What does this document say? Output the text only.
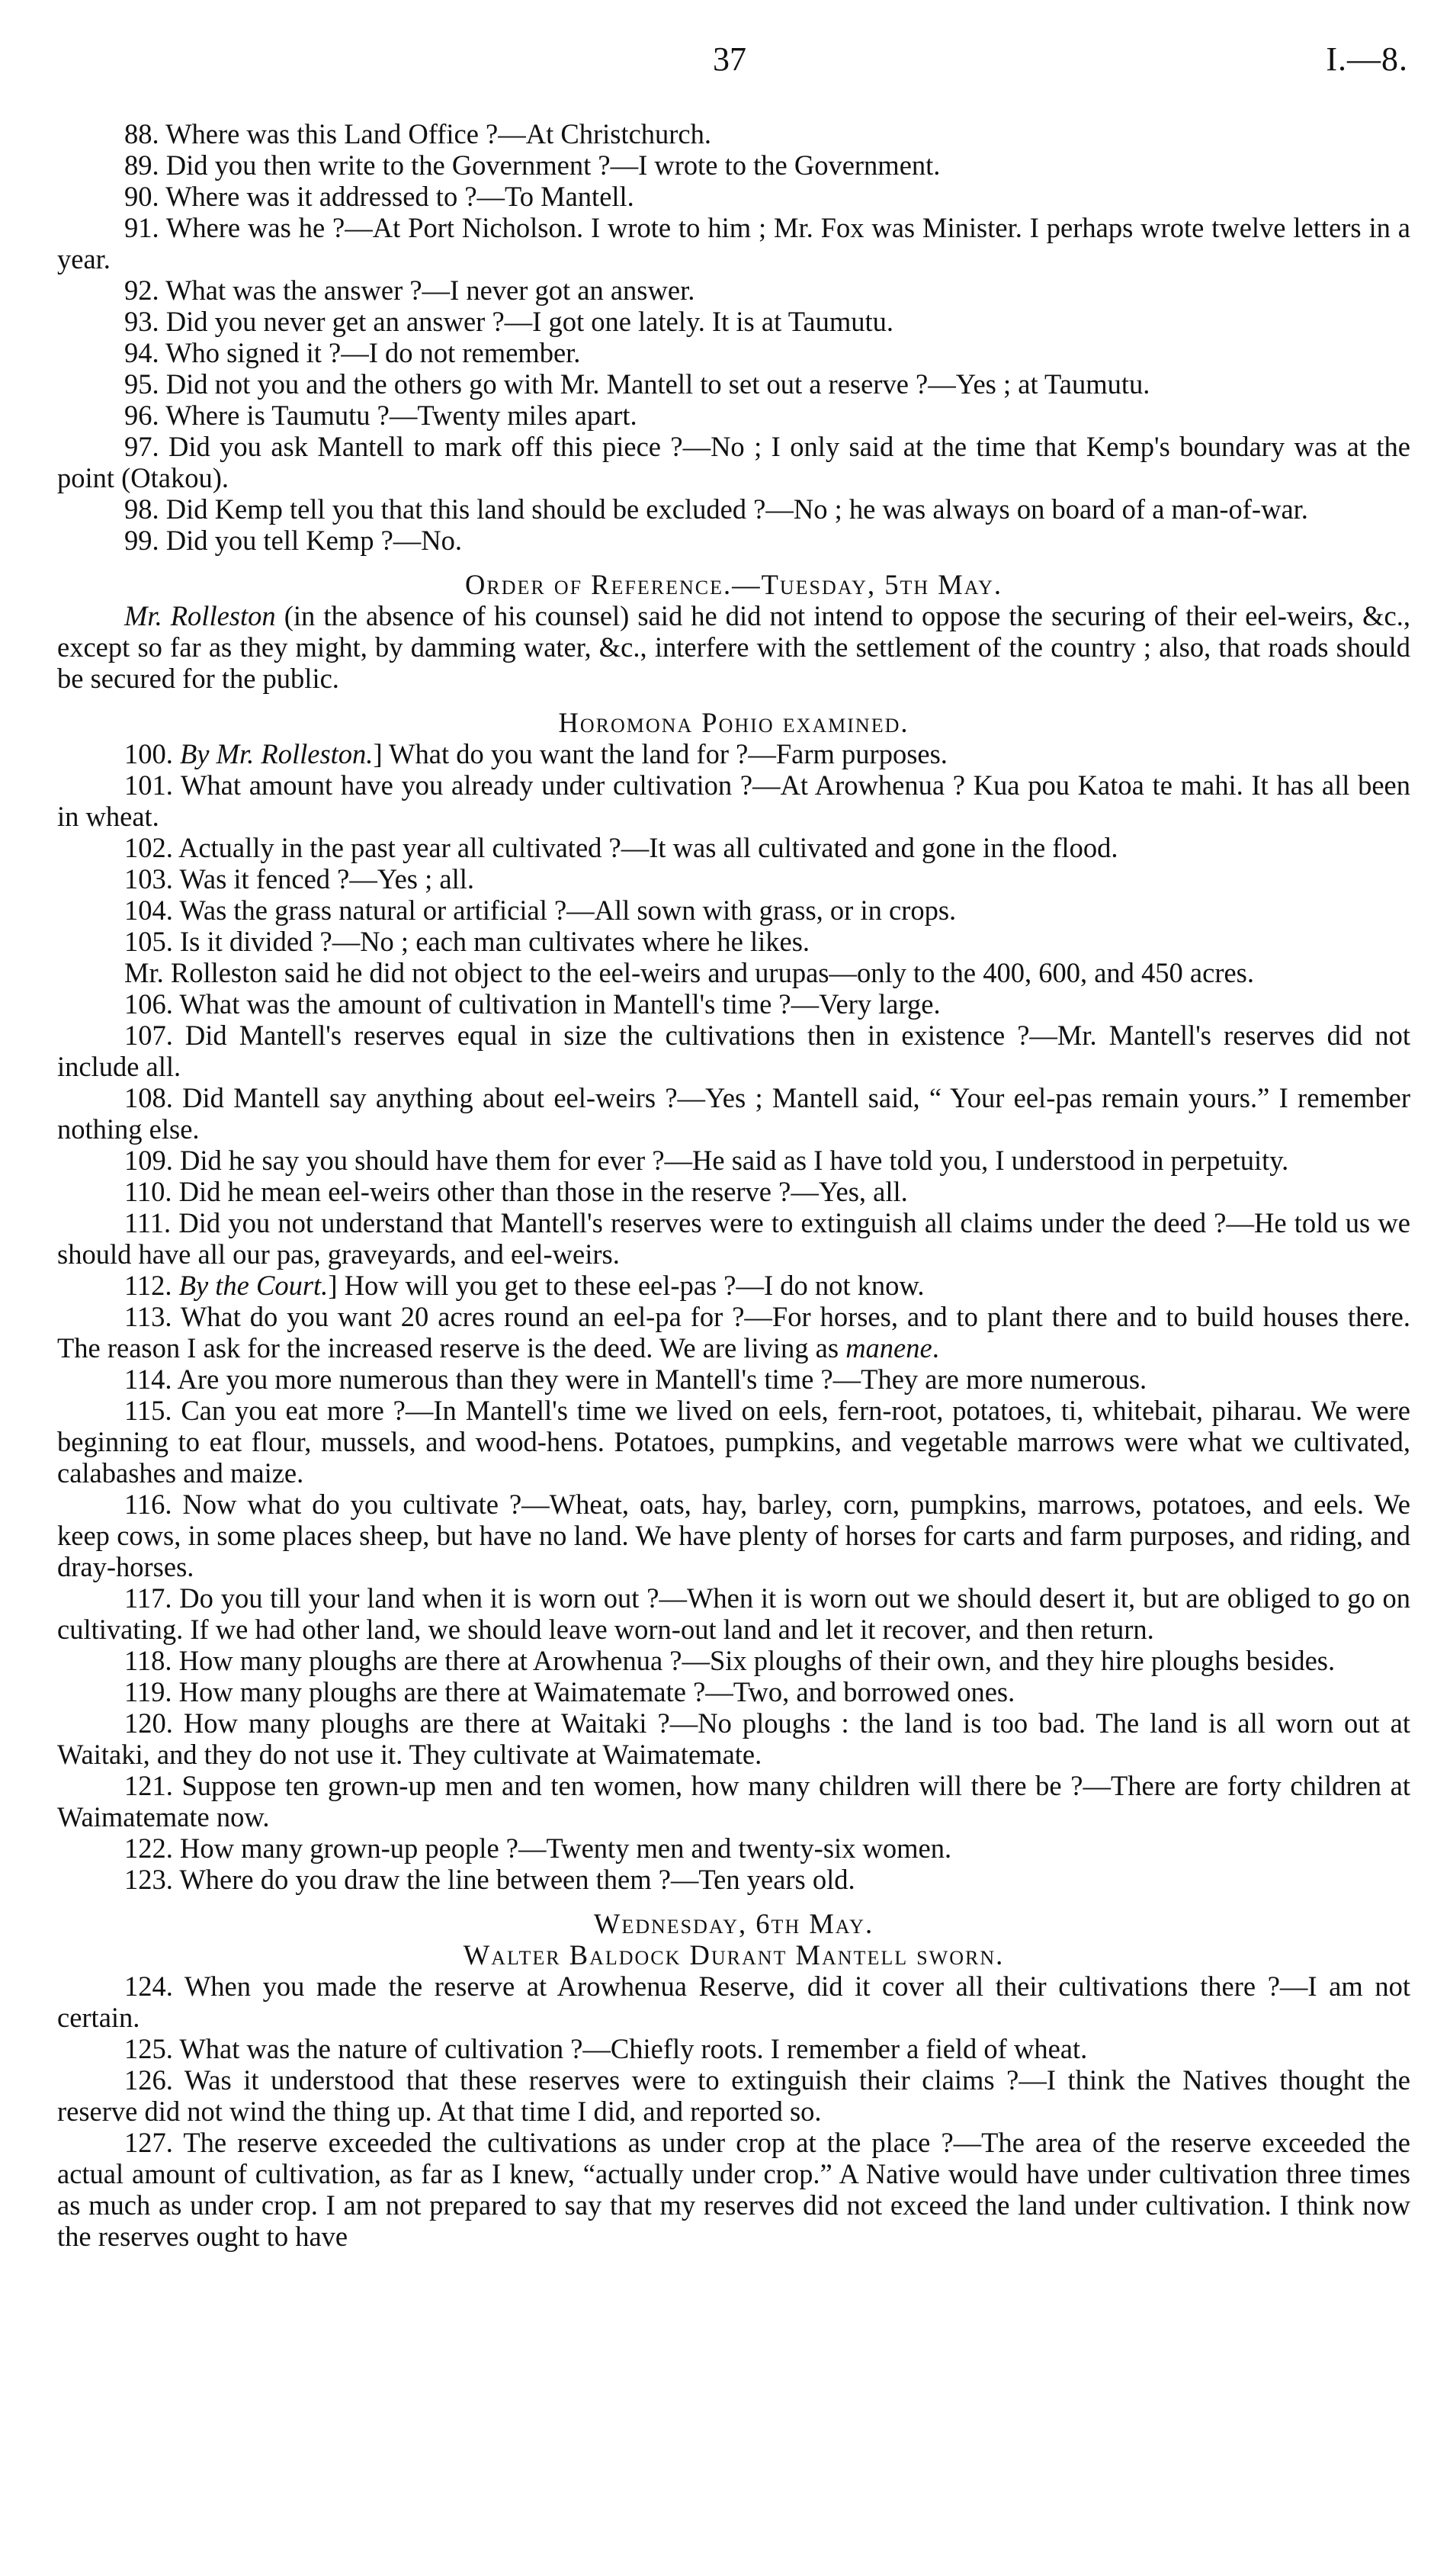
37	I.—8.

88. Where was this Land Office ?—At Christchurch.

89. Did you then write to the Government ?—I wrote to the Government.

90. Where was it addressed to ?—To Mantell.

91. Where was he ?—At Port Nicholson. I wrote to him ; Mr. Fox was Minister. I perhaps wrote twelve letters in a year.

92. What was the answer ?—I never got an answer.

93. Did you never get an answer ?—I got one lately. It is at Taumutu.

94. Who signed it ?—I do not remember.

95. Did not you and the others go with Mr. Mantell to set out a reserve ?—Yes ; at Taumutu.

96. Where is Taumutu ?—Twenty miles apart.

97. Did you ask Mantell to mark off this piece ?—No ; I only said at the time that Kemp's boundary was at the point (Otakou).

98. Did Kemp tell you that this land should be excluded ?—No ; he was always on board of a man-of-war.

99. Did you tell Kemp ?—No.

Order of Reference.—Tuesday, 5th May.

Mr. Rolleston (in the absence of his counsel) said he did not intend to oppose the securing of their eel-weirs, &c., except so far as they might, by damming water, &c., interfere with the settlement of the country ; also, that roads should be secured for the public.

Horomona Pohio examined.

100. By Mr. Rolleston.] What do you want the land for ?—Farm purposes.

101. What amount have you already under cultivation ?—At Arowhenua ? Kua pou Katoa te mahi. It has all been in wheat.

102. Actually in the past year all cultivated ?—It was all cultivated and gone in the flood.

103. Was it fenced ?—Yes ; all.

104. Was the grass natural or artificial ?—All sown with grass, or in crops.

105. Is it divided ?—No ; each man cultivates where he likes.

Mr. Rolleston said he did not object to the eel-weirs and urupas—only to the 400, 600, and 450 acres.

106. What was the amount of cultivation in Mantell's time ?—Very large.

107. Did Mantell's reserves equal in size the cultivations then in existence ?—Mr. Mantell's reserves did not include all.

108. Did Mantell say anything about eel-weirs ?—Yes ; Mantell said, “ Your eel-pas remain yours.” I remember nothing else.

109. Did he say you should have them for ever ?—He said as I have told you, I understood in perpetuity.

110. Did he mean eel-weirs other than those in the reserve ?—Yes, all.

111. Did you not understand that Mantell's reserves were to extinguish all claims under the deed ?—He told us we should have all our pas, graveyards, and eel-weirs.

112. By the Court.] How will you get to these eel-pas ?—I do not know.

113. What do you want 20 acres round an eel-pa for ?—For horses, and to plant there and to build houses there. The reason I ask for the increased reserve is the deed. We are living as manene.

114. Are you more numerous than they were in Mantell's time ?—They are more numerous.

115. Can you eat more ?—In Mantell's time we lived on eels, fern-root, potatoes, ti, whitebait, piharau. We were beginning to eat flour, mussels, and wood-hens. Potatoes, pumpkins, and vegetable marrows were what we cultivated, calabashes and maize.

116. Now what do you cultivate ?—Wheat, oats, hay, barley, corn, pumpkins, marrows, potatoes, and eels. We keep cows, in some places sheep, but have no land. We have plenty of horses for carts and farm purposes, and riding, and dray-horses.

117. Do you till your land when it is worn out ?—When it is worn out we should desert it, but are obliged to go on cultivating. If we had other land, we should leave worn-out land and let it recover, and then return.

118. How many ploughs are there at Arowhenua ?—Six ploughs of their own, and they hire ploughs besides.

119. How many ploughs are there at Waimatemate ?—Two, and borrowed ones.

120. How many ploughs are there at Waitaki ?—No ploughs : the land is too bad. The land is all worn out at Waitaki, and they do not use it. They cultivate at Waimatemate.

121. Suppose ten grown-up men and ten women, how many children will there be ?—There are forty children at Waimatemate now.

122. How many grown-up people ?—Twenty men and twenty-six women.

123. Where do you draw the line between them ?—Ten years old.

Wednesday, 6th May.

Walter Baldock Durant Mantell sworn.

124. When you made the reserve at Arowhenua Reserve, did it cover all their cultivations there ?—I am not certain.

125. What was the nature of cultivation ?—Chiefly roots. I remember a field of wheat.

126. Was it understood that these reserves were to extinguish their claims ?—I think the Natives thought the reserve did not wind the thing up. At that time I did, and reported so.

127. The reserve exceeded the cultivations as under crop at the place ?—The area of the reserve exceeded the actual amount of cultivation, as far as I knew, “actually under crop.” A Native would have under cultivation three times as much as under crop. I am not prepared to say that my reserves did not exceed the land under cultivation. I think now the reserves ought to have
